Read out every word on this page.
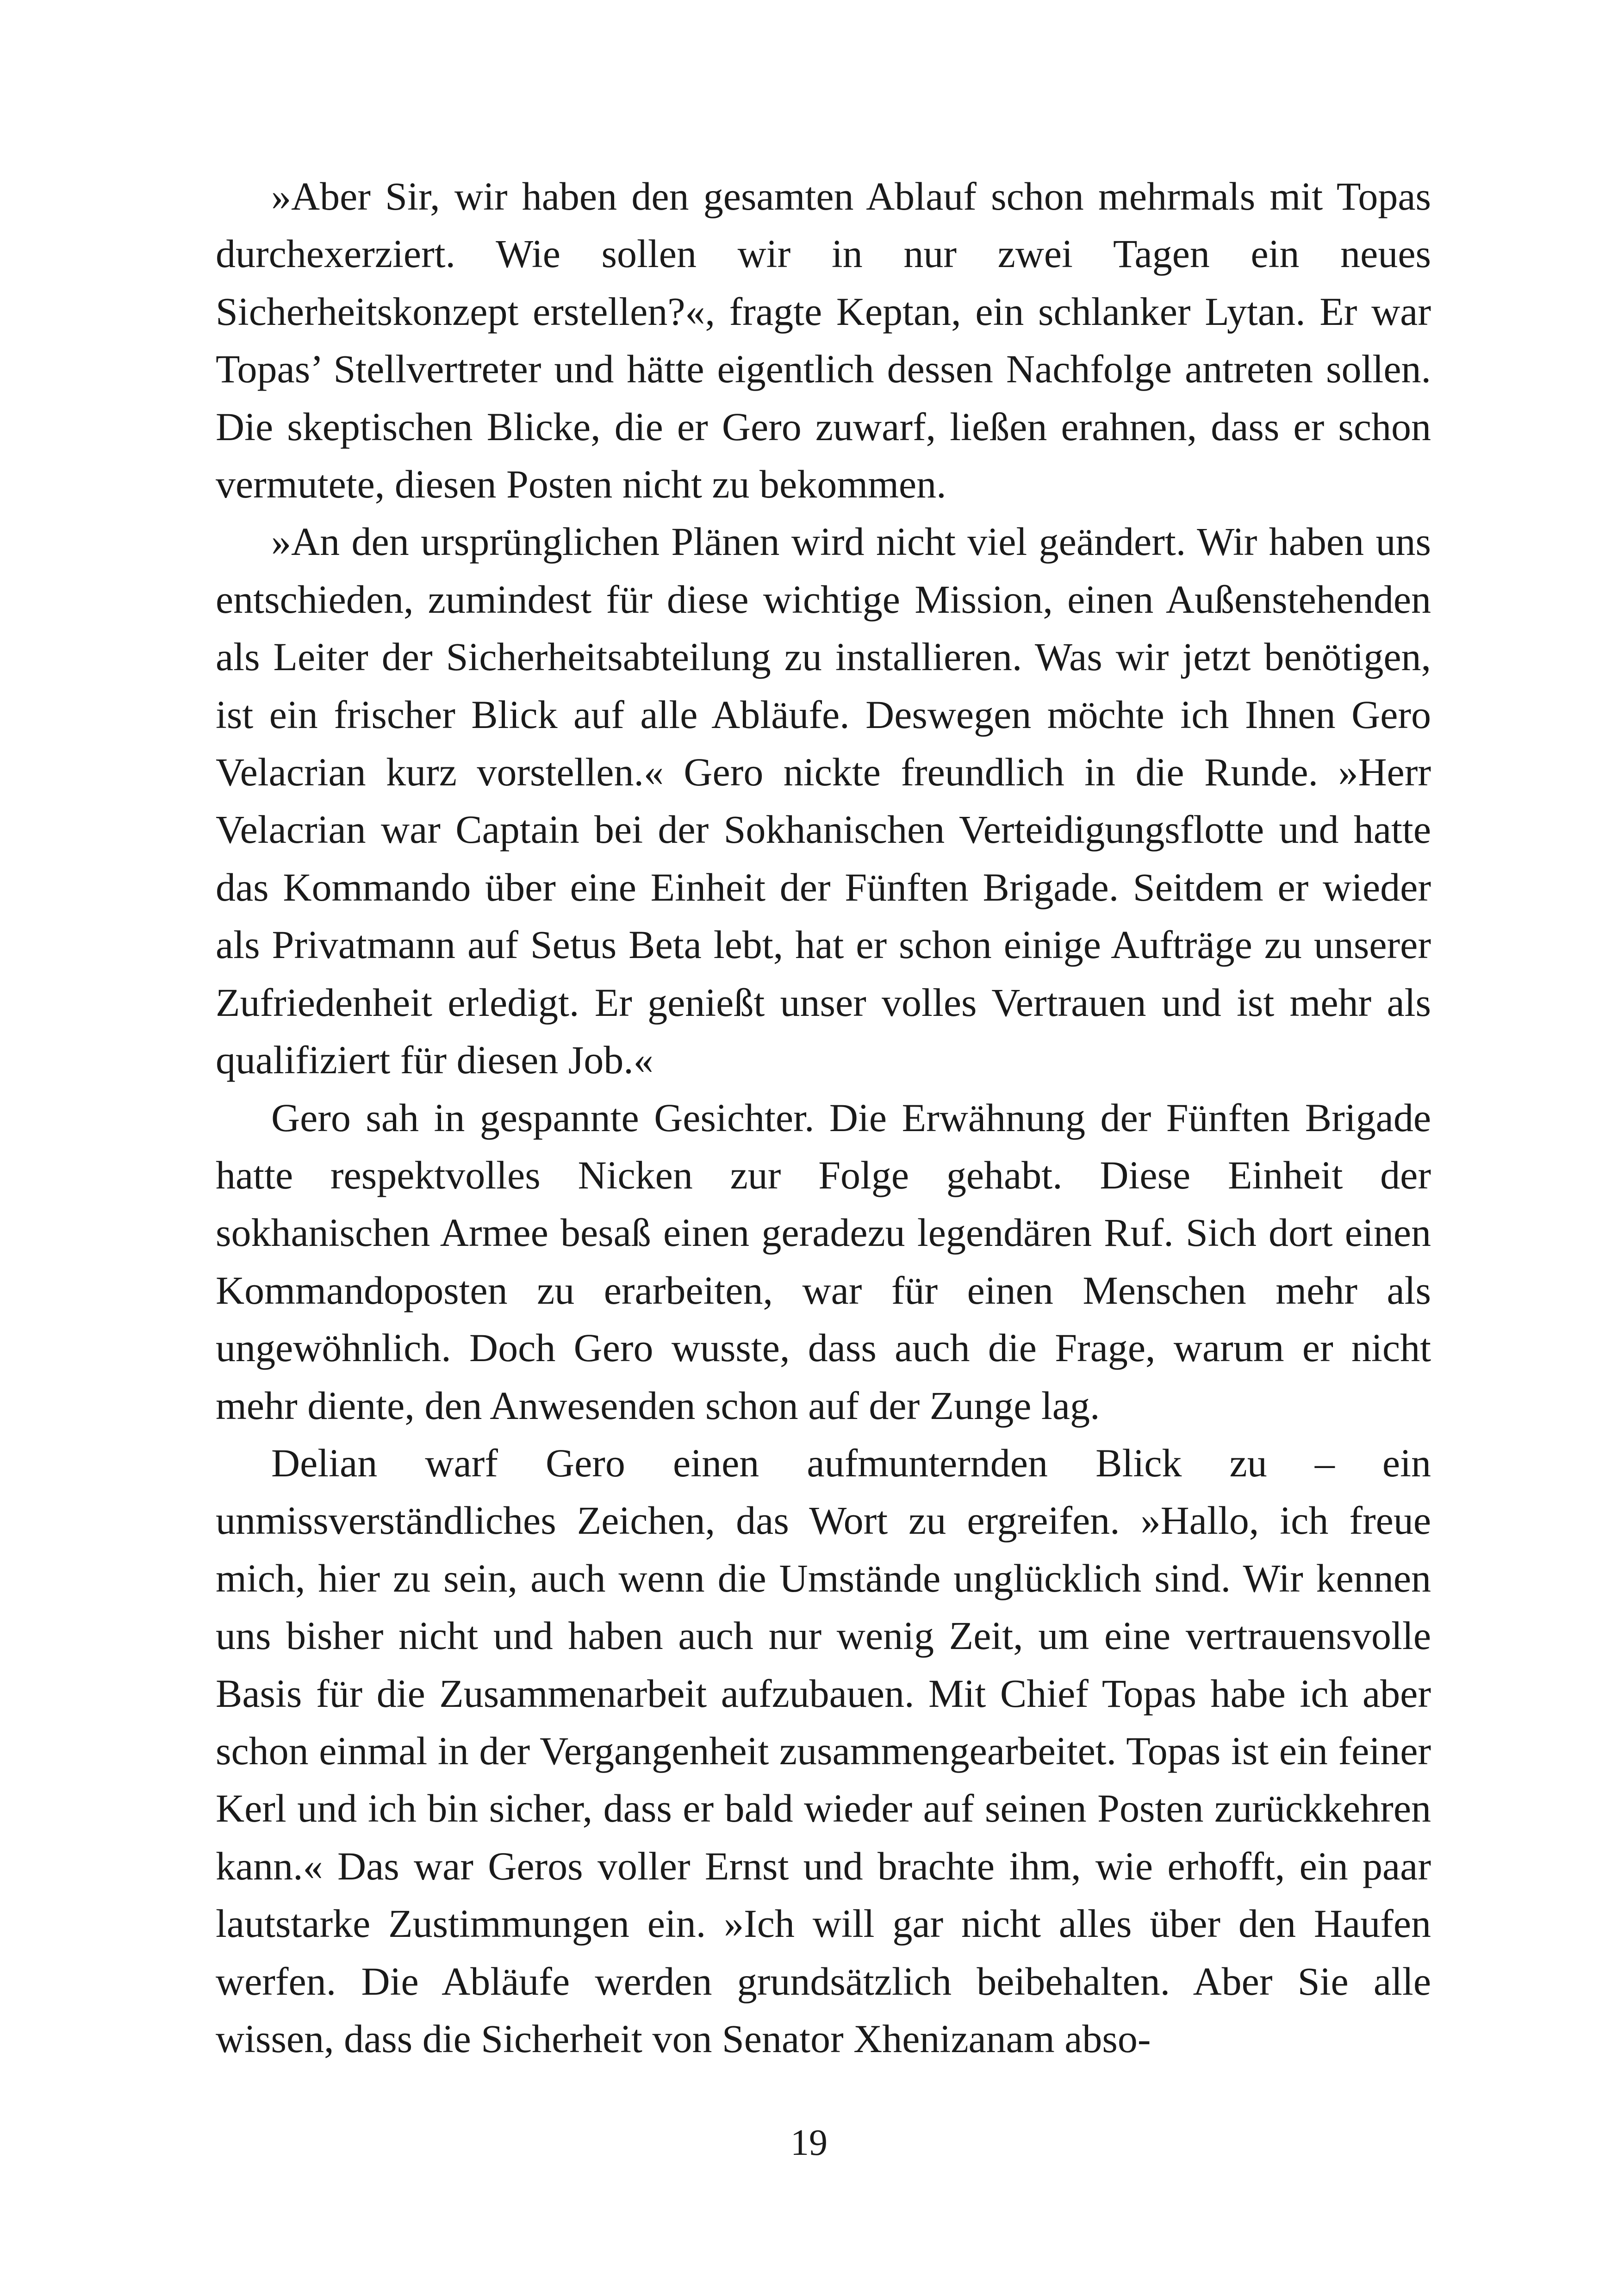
»Aber Sir, wir haben den gesamten Ablauf schon mehrmals mit Topas durchexerziert. Wie sollen wir in nur zwei Tagen ein neues Sicherheitskonzept erstellen?«, fragte Keptan, ein schlanker Lytan. Er war Topas’ Stellvertreter und hätte eigentlich dessen Nachfolge antreten sollen. Die skeptischen Blicke, die er Gero zuwarf, ließen erahnen, dass er schon vermutete, diesen Posten nicht zu bekommen.

»An den ursprünglichen Plänen wird nicht viel geändert. Wir haben uns entschieden, zumindest für diese wichtige Mission, einen Außenstehenden als Leiter der Sicherheitsabteilung zu installieren. Was wir jetzt benötigen, ist ein frischer Blick auf alle Abläufe. Deswegen möchte ich Ihnen Gero Velacrian kurz vorstellen.« Gero nickte freundlich in die Runde. »Herr Velacrian war Captain bei der Sokhanischen Verteidigungsflotte und hatte das Kommando über eine Einheit der Fünften Brigade. Seitdem er wieder als Privatmann auf Setus Beta lebt, hat er schon einige Aufträge zu unserer Zufriedenheit erledigt. Er genießt unser volles Vertrauen und ist mehr als qualifiziert für diesen Job.«

Gero sah in gespannte Gesichter. Die Erwähnung der Fünften Brigade hatte respektvolles Nicken zur Folge gehabt. Diese Einheit der sokhanischen Armee besaß einen geradezu legendären Ruf. Sich dort einen Kommandoposten zu erarbeiten, war für einen Menschen mehr als ungewöhnlich. Doch Gero wusste, dass auch die Frage, warum er nicht mehr diente, den Anwesenden schon auf der Zunge lag.

Delian warf Gero einen aufmunternden Blick zu – ein unmissverständliches Zeichen, das Wort zu ergreifen. »Hallo, ich freue mich, hier zu sein, auch wenn die Umstände unglücklich sind. Wir kennen uns bisher nicht und haben auch nur wenig Zeit, um eine vertrauensvolle Basis für die Zusammenarbeit aufzubauen. Mit Chief Topas habe ich aber schon einmal in der Vergangenheit zusammengearbeitet. Topas ist ein feiner Kerl und ich bin sicher, dass er bald wieder auf seinen Posten zurückkehren kann.« Das war Geros voller Ernst und brachte ihm, wie erhofft, ein paar lautstarke Zustimmungen ein. »Ich will gar nicht alles über den Haufen werfen. Die Abläufe werden grundsätzlich beibehalten. Aber Sie alle wissen, dass die Sicherheit von Senator Xhenizanam abso-

19
